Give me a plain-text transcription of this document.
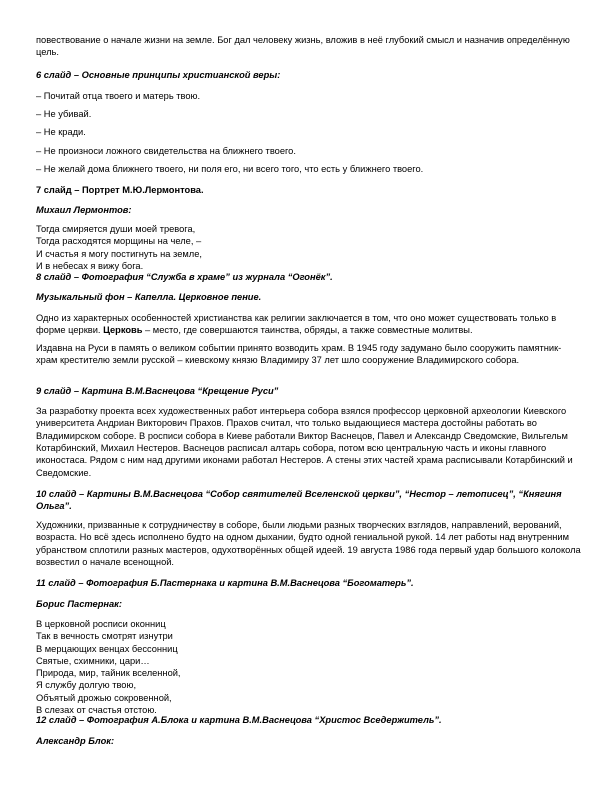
повествование о начале жизни на земле. Бог дал человеку жизнь, вложив в неё глубокий смысл и назначив определённую цель.

6 слайд – Основные принципы христианской веры:

– Почитай отца твоего и матерь твою.

– Не убивай.

– Не кради.

– Не произноси ложного свидетельства на ближнего твоего.

– Не желай дома ближнего твоего, ни поля его, ни всего того, что есть у ближнего твоего.

7 слайд – Портрет М.Ю.Лермонтова.

Михаил Лермонтов:

Тогда смиряется души моей тревога,
Тогда расходятся морщины на челе, –
И счастья я могу постигнуть на земле,
И в небесах я вижу бога.

8 слайд – Фотография “Служба в храме” из журнала “Огонёк”.

Музыкальный фон – Капелла. Церковное пение.

Одно из характерных особенностей христианства как религии заключается в том, что оно может существовать только в форме церкви. Церковь – место, где совершаются таинства, обряды, а также совместные молитвы.

Издавна на Руси в память о великом событии принято возводить храм. В 1945 году задумано было сооружить памятник-храм крестителю земли русской – киевскому князю Владимиру 37 лет шло сооружение Владимирского собора.

9 слайд – Картина В.М.Васнецова “Крещение Руси”

За разработку проекта всех художественных работ интерьера собора взялся профессор церковной археологии Киевского университета Андриан Викторович Прахов. Прахов считал, что только выдающиеся мастера достойны работать во Владимирском соборе. В росписи собора в Киеве работали Виктор Васнецов, Павел и Александр Сведомские, Вильгельм Котарбинский, Михаил Нестеров. Васнецов расписал алтарь собора, потом всю центральную часть и иконы главного иконостаса. Рядом с ним над другими иконами работал Нестеров. А стены этих частей храма расписывали Котарбинский и Сведомские.

10 слайд – Картины В.М.Васнецова “Собор святителей Вселенской церкви”, “Нестор – летописец”, “Княгиня Ольга”.

Художники, призванные к сотрудничеству в соборе, были людьми разных творческих взглядов, направлений, верований, возраста. Но всё здесь исполнено будто на одном дыхании, будто одной гениальной рукой. 14 лет работы над внутренним убранством сплотили разных мастеров, одухотворённых общей идеей. 19 августа 1986 года первый удар большого колокола возвестил о начале всенощной.

11 слайд – Фотография Б.Пастернака и картина В.М.Васнецова “Богоматерь”.

Борис Пастернак:

В церковной росписи оконниц
Так в вечность смотрят изнутри
В мерцающих венцах бессонниц
Святые, схимники, цари…
Природа, мир, тайник вселенной,
Я службу долгую твою,
Объятый дрожью сокровенной,
В слезах от счастья отстою.

12 слайд – Фотография А.Блока и картина В.М.Васнецова “Христос Вседержитель”.

Александр Блок:
